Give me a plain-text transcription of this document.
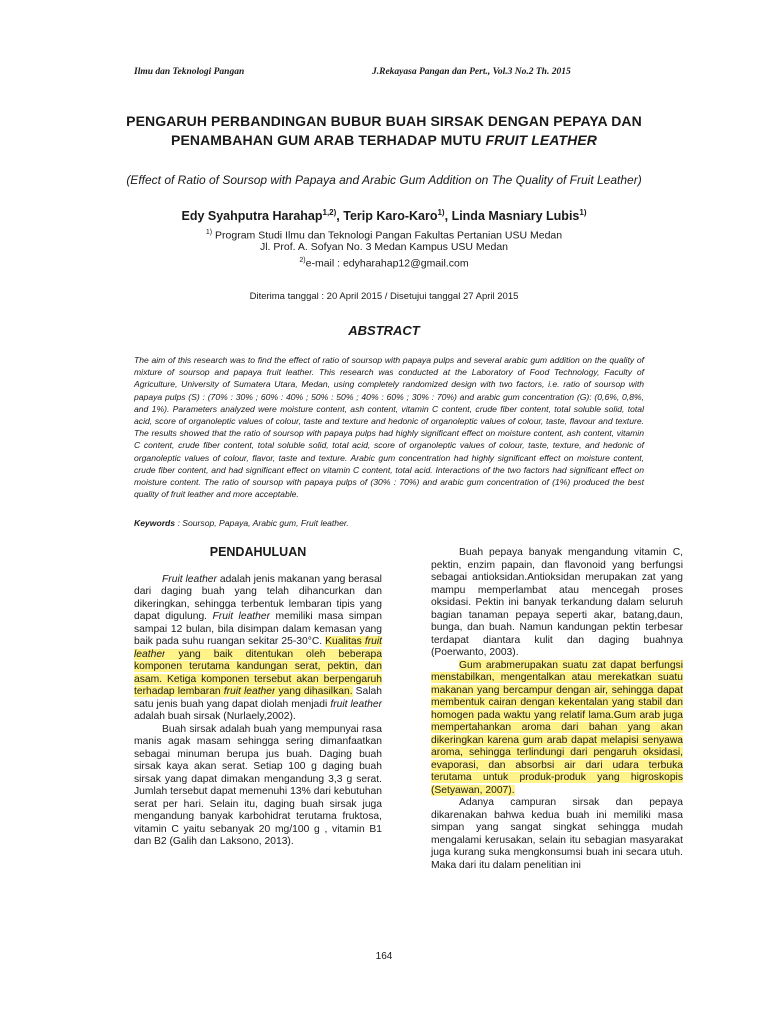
Ilmu dan Teknologi Pangan	J.Rekayasa Pangan dan Pert., Vol.3 No.2 Th. 2015
PENGARUH PERBANDINGAN BUBUR BUAH SIRSAK DENGAN PEPAYA DAN
PENAMBAHAN GUM ARAB TERHADAP MUTU FRUIT LEATHER
(Effect of Ratio of Soursop with Papaya and Arabic Gum Addition on The Quality of Fruit Leather)
Edy Syahputra Harahap$^{1,2)}$, Terip Karo-Karo$^{1)}$, Linda Masniary Lubis$^{1)}$
$^{1)}$ Program Studi Ilmu dan Teknologi Pangan Fakultas Pertanian USU Medan
Jl. Prof. A. Sofyan No. 3 Medan Kampus USU Medan
$^{2)}$e-mail : edyharahap12@gmail.com
Diterima tanggal : 20 April 2015 / Disetujui tanggal 27 April 2015
ABSTRACT
The aim of this research was to find the effect of ratio of soursop with papaya pulps and several arabic gum addition on the quality of mixture of soursop and papaya fruit leather. This research was conducted at the Laboratory of Food Technology, Faculty of Agriculture, University of Sumatera Utara, Medan, using completely randomized design with two factors, i.e. ratio of soursop with papaya pulps (S) : (70% : 30% ; 60% : 40% ; 50% : 50% ; 40% : 60% ; 30% : 70%) and arabic gum concentration (G): (0,6%, 0,8%, and 1%). Parameters analyzed were moisture content, ash content, vitamin C content, crude fiber content, total soluble solid, total acid, score of organoleptic values of colour, taste and texture and hedonic of organoleptic values of colour, taste, flavour and texture. The results showed that the ratio of soursop with papaya pulps had highly significant effect on moisture content, ash content, vitamin C content, crude fiber content, total soluble solid, total acid, score of organoleptic values of colour, taste, texture, and hedonic of organoleptic values of colour, flavor, taste and texture. Arabic gum concentration had highly significant effect on moisture content, crude fiber content, and had significant effect on vitamin C content, total acid. Interactions of the two factors had significant effect on moisture content. The ratio of soursop with papaya pulps of (30% : 70%) and arabic gum concentration of (1%) produced the best quality of fruit leather and more acceptable.
Keywords : Soursop, Papaya, Arabic gum, Fruit leather.
PENDAHULUAN

Fruit leather adalah jenis makanan yang berasal dari daging buah yang telah dihancurkan dan dikeringkan, sehingga terbentuk lembaran tipis yang dapat digulung. Fruit leather memiliki masa simpan sampai 12 bulan, bila disimpan dalam kemasan yang baik pada suhu ruangan sekitar 25-30°C. Kualitas fruit leather yang baik ditentukan oleh beberapa komponen terutama kandungan serat, pektin, dan asam. Ketiga komponen tersebut akan berpengaruh terhadap lembaran fruit leather yang dihasilkan. Salah satu jenis buah yang dapat diolah menjadi fruit leather adalah buah sirsak (Nurlaely,2002).

Buah sirsak adalah buah yang mempunyai rasa manis agak masam sehingga sering dimanfaatkan sebagai minuman berupa jus buah. Daging buah sirsak kaya akan serat. Setiap 100 g daging buah sirsak yang dapat dimakan mengandung 3,3 g serat. Jumlah tersebut dapat memenuhi 13% dari kebutuhan serat per hari. Selain itu, daging buah sirsak juga mengandung banyak karbohidrat terutama fruktosa, vitamin C yaitu sebanyak 20 mg/100 g , vitamin B1 dan B2 (Galih dan Laksono, 2013).

Buah pepaya banyak mengandung vitamin C, pektin, enzim papain, dan flavonoid yang berfungsi sebagai antioksidan.Antioksidan merupakan zat yang mampu memperlambat atau mencegah proses oksidasi. Pektin ini banyak terkandung dalam seluruh bagian tanaman pepaya seperti akar, batang,daun, bunga, dan buah. Namun kandungan pektin terbesar terdapat diantara kulit dan daging buahnya (Poerwanto, 2003).

Gum arabmerupakan suatu zat dapat berfungsi menstabilkan, mengentalkan atau merekatkan suatu makanan yang bercampur dengan air, sehingga dapat membentuk cairan dengan kekentalan yang stabil dan homogen pada waktu yang relatif lama.Gum arab juga mempertahankan aroma dari bahan yang akan dikeringkan karena gum arab dapat melapisi senyawa aroma, sehingga terlindungi dari pengaruh oksidasi, evaporasi, dan absorbsi air dari udara terbuka terutama untuk produk-produk yang higroskopis (Setyawan, 2007).

Adanya campuran sirsak dan pepaya dikarenakan bahwa kedua buah ini memiliki masa simpan yang sangat singkat sehingga mudah mengalami kerusakan, selain itu sebagian masyarakat juga kurang suka mengkonsumsi buah ini secara utuh. Maka dari itu dalam penelitian ini

164
